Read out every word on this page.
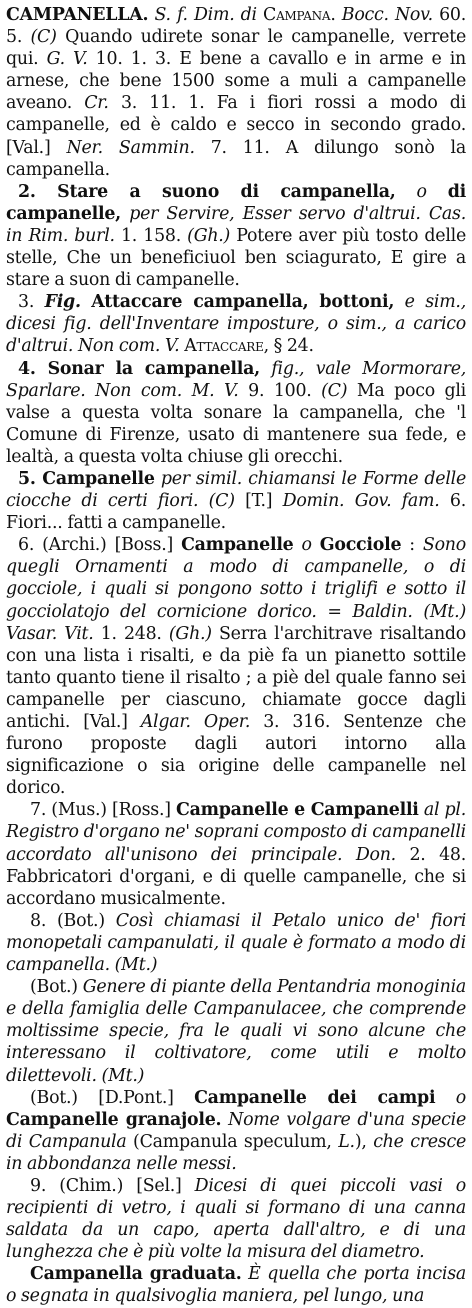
CAMPANELLA. S. f. Dim. di Campana. Bocc. Nov. 60. 5. (C) Quando udirete sonar le campanelle, verrete qui. G. V. 10. 1. 3. E bene a cavallo e in arme e in arnese, che bene 1500 some a muli a campanelle aveano. Cr. 3. 11. 1. Fa i fiori rossi a modo di campanelle, ed è caldo e secco in secondo grado. [Val.] Ner. Sammin. 7. 11. A dilungo sonò la campanella.

2. Stare a suono di campanella, o di campanelle, per Servire, Esser servo d'altrui. Cas. in Rim. burl. 1. 158. (Gh.) Potere aver più tosto delle stelle, Che un beneficiuol ben sciagurato, E gire a stare a suon di campanelle.

3. Fig. Attaccare campanella, bottoni, e sim., dicesi fig. dell'Inventare imposture, o sim., a carico d'altrui. Non com. V. Attaccare, § 24.

4. Sonar la campanella, fig., vale Mormorare, Sparlare. Non com. M. V. 9. 100. (C) Ma poco gli valse a questa volta sonare la campanella, che 'l Comune di Firenze, usato di mantenere sua fede, e lealtà, a questa volta chiuse gli orecchi.

5. Campanelle per simil. chiamansi le Forme delle ciocche di certi fiori. (C) [T.] Domin. Gov. fam. 6. Fiori... fatti a campanelle.

6. (Archi.) [Boss.] Campanelle o Gocciole : Sono quegli Ornamenti a modo di campanelle, o di gocciole, i quali si pongono sotto i triglifi e sotto il gocciolatojo del cornicione dorico. = Baldin. (Mt.) Vasar. Vit. 1. 248. (Gh.) Serra l'architrave risaltando con una lista i risalti, e da piè fa un pianetto sottile tanto quanto tiene il risalto ; a piè del quale fanno sei campanelle per ciascuno, chiamate gocce dagli antichi. [Val.] Algar. Oper. 3. 316. Sentenze che furono proposte dagli autori intorno alla significazione o sia origine delle campanelle nel dorico.

7. (Mus.) [Ross.] Campanelle e Campanelli al pl. Registro d'organo ne' soprani composto di campanelli accordato all'unisono dei principale. Don. 2. 48. Fabbricatori d'organi, e di quelle campanelle, che si accordano musicalmente.

8. (Bot.) Così chiamasi il Petalo unico de' fiori monopetali campanulati, il quale è formato a modo di campanella. (Mt.)

(Bot.) Genere di piante della Pentandria monoginia e della famiglia delle Campanulacee, che comprende moltissime specie, fra le quali vi sono alcune che interessano il coltivatore, come utili e molto dilettevoli. (Mt.)

(Bot.) [D.Pont.] Campanelle dei campi o Campanelle granajole. Nome volgare d'una specie di Campanula (Campanula speculum, L.), che cresce in abbondanza nelle messi.

9. (Chim.) [Sel.] Dicesi di quei piccoli vasi o recipienti di vetro, i quali si formano di una canna saldata da un capo, aperta dall'altro, e di una lunghezza che è più volte la misura del diametro.

Campanella graduata. È quella che porta incisa o segnata in qualsivoglia maniera, pel lungo, una
